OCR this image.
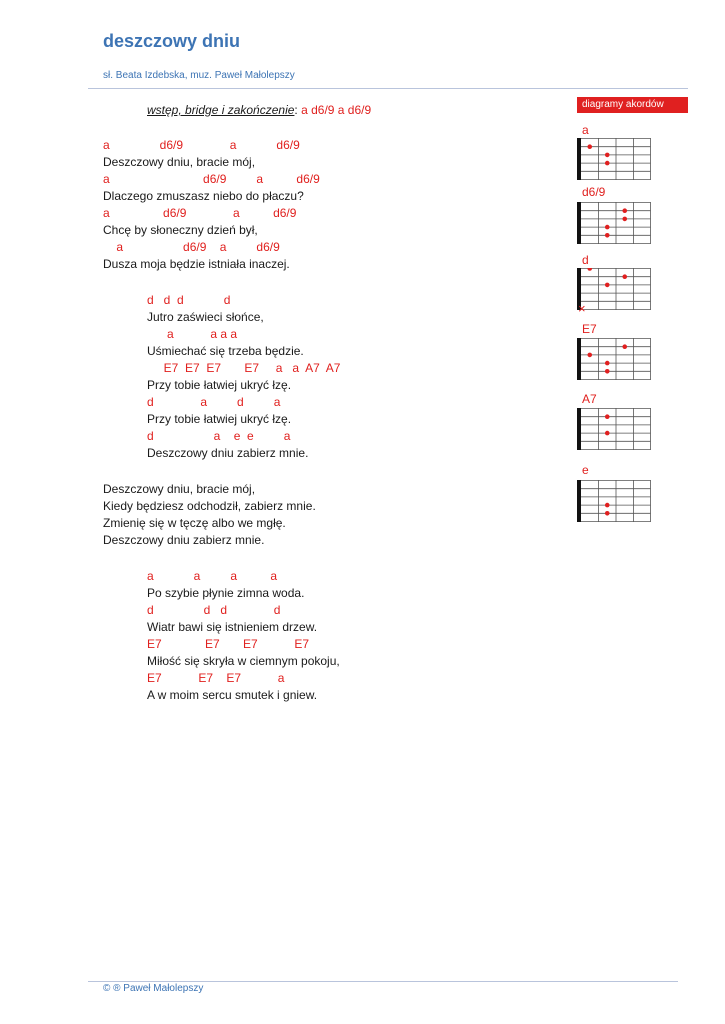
deszczowy dniu
sł. Beata Izdebska, muz. Paweł Małolepszy
wstęp, bridge i zakończenie: a d6/9 a d6/9
a               d6/9              a            d6/9
Deszczowy dniu, bracie mój,
a                            d6/9         a          d6/9
Dlaczego zmuszasz niebo do płaczu?
a                d6/9              a          d6/9
Chcę by słoneczny dzień był,
a                  d6/9    a         d6/9
Dusza moja będzie istniała inaczej.
d   d  d            d
Jutro zaświeci słońce,
a           a a a
Uśmiechać się trzeba będzie.
E7  E7  E7       E7     a   a  A7  A7
Przy tobie łatwiej ukryć łzę.
d              a         d         a
Przy tobie łatwiej ukryć łzę.
d                  a    e  e         a
Deszczowy dniu zabierz mnie.
Deszczowy dniu, bracie mój,
Kiedy będziesz odchodził, zabierz mnie.
Zmienię się w tęczę albo we mgłę.
Deszczowy dniu zabierz mnie.
a            a         a          a
Po szybie płynie zimna woda.
d               d   d              d
Wiatr bawi się istnieniem drzew.
E7             E7       E7           E7
Miłość się skryła w ciemnym pokoju,
E7           E7    E7           a
A w moim sercu smutek i gniew.
diagramy akordów
a
d6/9
d
×
E7
A7
e
© ® Paweł Małolepszy
